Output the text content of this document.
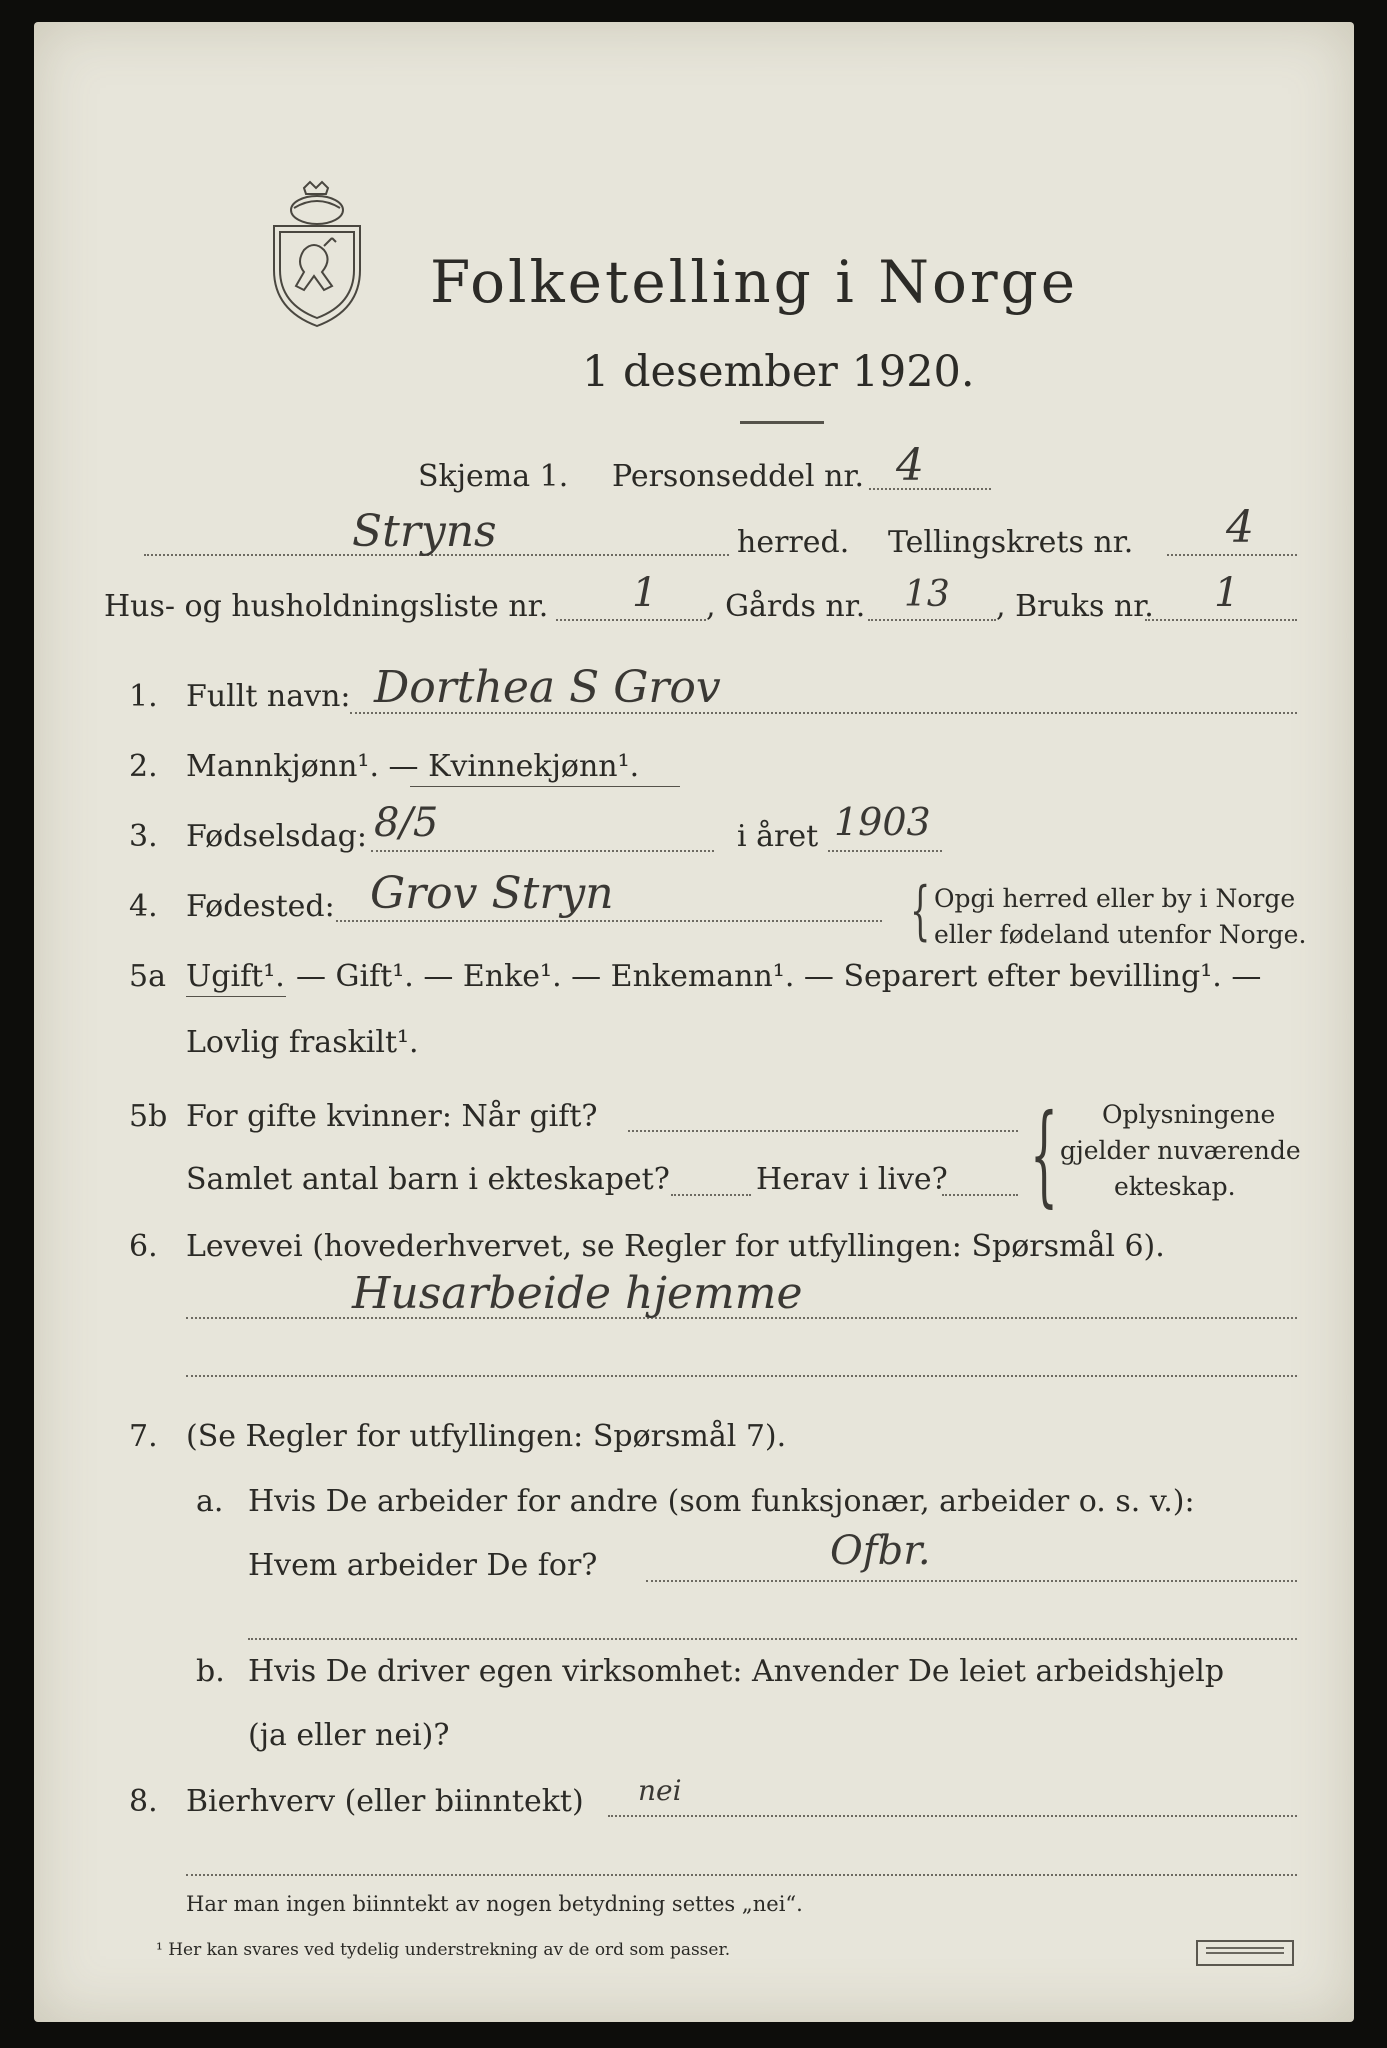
Folketelling i Norge
1 desember 1920.
Skjema 1. Personseddel nr. 4
Stryns	herred. Tellingskrets nr. 4
Hus- og husholdningsliste nr. 1 , Gårds nr. 13 , Bruks nr. 1
1. Fullt navn: Dorthea S Grov
2. Mannkjønn¹. — Kvinnekjønn¹.
3. Fødselsdag: 8/5	i året 1903
4. Fødested: Grov Stryn	{ Opgi herred eller by i Norge
eller fødeland utenfor Norge.
5a Ugift¹. — Gift¹. — Enke¹. — Enkemann¹. — Separert efter bevilling¹. —
Lovlig fraskilt¹.
5b For gifte kvinner: Når gift?
Samlet antal barn i ekteskapet?	Herav i live? { Oplysningene
gjelder nuværende
ekteskap.
6. Levevei (hovederhvervet, se Regler for utfyllingen: Spørsmål 6).
Husarbeide hjemme
7. (Se Regler for utfyllingen: Spørsmål 7).
a. Hvis De arbeider for andre (som funksjonær, arbeider o. s. v.):
Hvem arbeider De for?	Ofbr.
b. Hvis De driver egen virksomhet: Anvender De leiet arbeidshjelp
(ja eller nei)?
8. Bierhverv (eller biinntekt) nei
Har man ingen biinntekt av nogen betydning settes „nei“.
¹ Her kan svares ved tydelig understrekning av de ord som passer.
